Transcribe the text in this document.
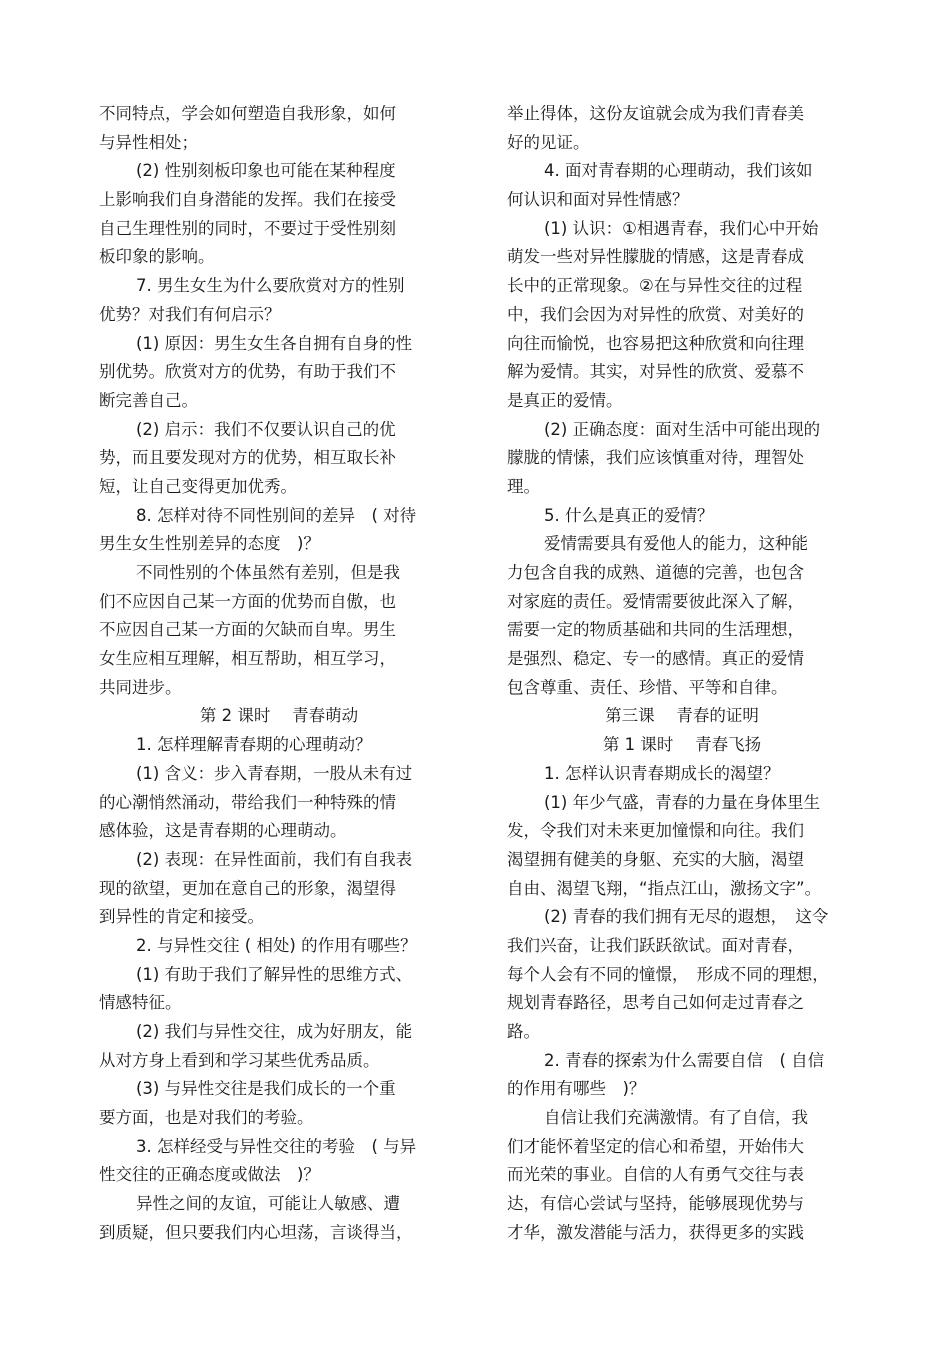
不同特点，学会如何塑造自我形象，如何
与异性相处；
(2) 性别刻板印象也可能在某种程度
上影响我们自身潜能的发挥。我们在接受
自己生理性别的同时，不要过于受性别刻
板印象的影响。
7. 男生女生为什么要欣赏对方的性别
优势？对我们有何启示？
(1) 原因：男生女生各自拥有自身的性
别优势。欣赏对方的优势，有助于我们不
断完善自己。
(2) 启示：我们不仅要认识自己的优
势，而且要发现对方的优势，相互取长补
短，让自己变得更加优秀。
8. 怎样对待不同性别间的差异　( 对待
男生女生性别差异的态度　)？
不同性别的个体虽然有差别，但是我
们不应因自己某一方面的优势而自傲，也
不应因自己某一方面的欠缺而自卑。男生
女生应相互理解，相互帮助，相互学习，
共同进步。
第 2 课时　 青春萌动
1. 怎样理解青春期的心理萌动？
(1) 含义：步入青春期，一股从未有过
的心潮悄然涌动，带给我们一种特殊的情
感体验，这是青春期的心理萌动。
(2) 表现：在异性面前，我们有自我表
现的欲望，更加在意自己的形象，渴望得
到异性的肯定和接受。
2. 与异性交往 ( 相处) 的作用有哪些？
(1) 有助于我们了解异性的思维方式、
情感特征。
(2) 我们与异性交往，成为好朋友，能
从对方身上看到和学习某些优秀品质。
(3) 与异性交往是我们成长的一个重
要方面，也是对我们的考验。
3. 怎样经受与异性交往的考验　( 与异
性交往的正确态度或做法　)？
异性之间的友谊，可能让人敏感、遭
到质疑，但只要我们内心坦荡，言谈得当，
举止得体，这份友谊就会成为我们青春美
好的见证。
4. 面对青春期的心理萌动，我们该如
何认识和面对异性情感？
(1) 认识：①相遇青春，我们心中开始
萌发一些对异性朦胧的情感，这是青春成
长中的正常现象。②在与异性交往的过程
中，我们会因为对异性的欣赏、对美好的
向往而愉悦，也容易把这种欣赏和向往理
解为爱情。其实，对异性的欣赏、爱慕不
是真正的爱情。
(2) 正确态度：面对生活中可能出现的
朦胧的情愫，我们应该慎重对待，理智处
理。
5. 什么是真正的爱情？
爱情需要具有爱他人的能力，这种能
力包含自我的成熟、道德的完善，也包含
对家庭的责任。爱情需要彼此深入了解，
需要一定的物质基础和共同的生活理想，
是强烈、稳定、专一的感情。真正的爱情
包含尊重、责任、珍惜、平等和自律。
第三课　 青春的证明
第 1 课时　 青春飞扬
1. 怎样认识青春期成长的渴望？
(1) 年少气盛，青春的力量在身体里生
发，令我们对未来更加憧憬和向往。我们
渴望拥有健美的身躯、充实的大脑，渴望
自由、渴望飞翔，“指点江山，激扬文字”。
(2) 青春的我们拥有无尽的遐想，　这令
我们兴奋，让我们跃跃欲试。面对青春，
每个人会有不同的憧憬，　形成不同的理想，
规划青春路径，思考自己如何走过青春之
路。
2. 青春的探索为什么需要自信　( 自信
的作用有哪些　)？
自信让我们充满激情。有了自信，我
们才能怀着坚定的信心和希望，开始伟大
而光荣的事业。自信的人有勇气交往与表
达，有信心尝试与坚持，能够展现优势与
才华，激发潜能与活力，获得更多的实践
